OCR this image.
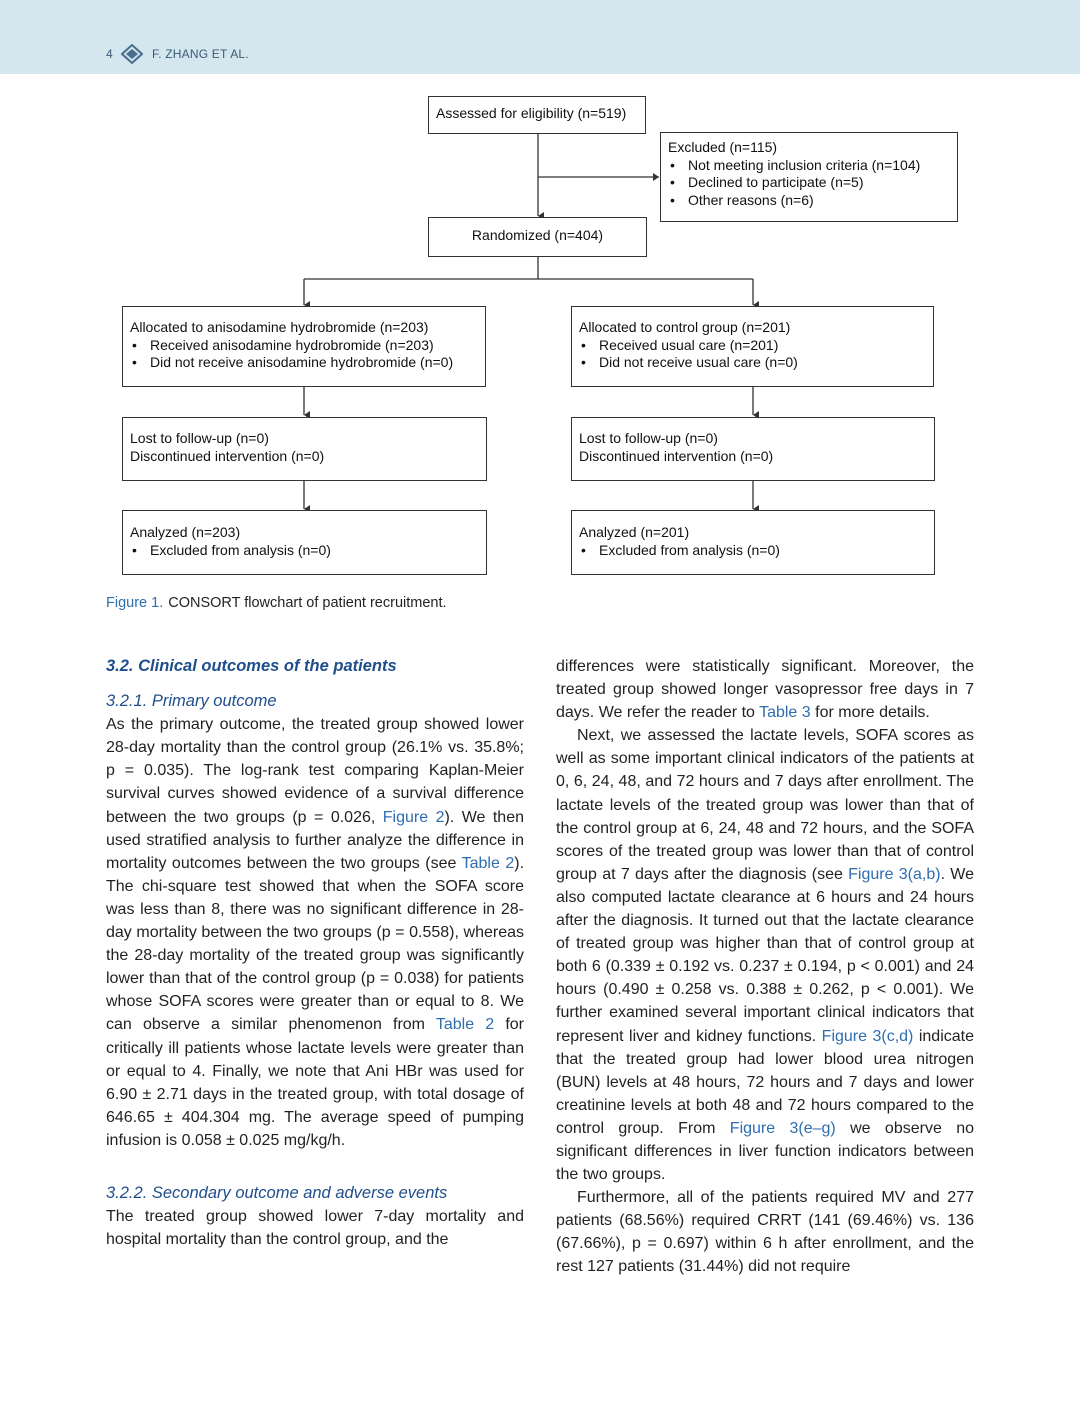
4	F. ZHANG ET AL.
Assessed for eligibility (n=519)
Excluded (n=115)
• Not meeting inclusion criteria (n=104)
• Declined to participate (n=5)
• Other reasons (n=6)
Randomized (n=404)
Allocated to anisodamine hydrobromide (n=203)
• Received anisodamine hydrobromide (n=203)
• Did not receive anisodamine hydrobromide (n=0)
Allocated to control group (n=201)
• Received usual care (n=201)
• Did not receive usual care (n=0)
Lost to follow-up (n=0)
Discontinued intervention (n=0)
Lost to follow-up (n=0)
Discontinued intervention (n=0)
Analyzed (n=203)
• Excluded from analysis (n=0)
Analyzed (n=201)
• Excluded from analysis (n=0)
Figure 1. CONSORT flowchart of patient recruitment.

3.2. Clinical outcomes of the patients

3.2.1. Primary outcome

As the primary outcome, the treated group showed lower 28-day mortality than the control group (26.1% vs. 35.8%; p = 0.035). The log-rank test comparing Kaplan-Meier survival curves showed evidence of a survival difference between the two groups (p = 0.026, Figure 2). We then used stratified analysis to further analyze the difference in mortality outcomes between the two groups (see Table 2). The chi-square test showed that when the SOFA score was less than 8, there was no significant difference in 28-day mortality between the two groups (p = 0.558), whereas the 28-day mortality of the treated group was significantly lower than that of the control group (p = 0.038) for patients whose SOFA scores were greater than or equal to 8. We can observe a similar phenomenon from Table 2 for critically ill patients whose lactate levels were greater than or equal to 4. Finally, we note that Ani HBr was used for 6.90 ± 2.71 days in the treated group, with total dosage of 646.65 ± 404.304 mg. The average speed of pumping infusion is 0.058 ± 0.025 mg/kg/h.

3.2.2. Secondary outcome and adverse events

The treated group showed lower 7-day mortality and hospital mortality than the control group, and the

differences were statistically significant. Moreover, the treated group showed longer vasopressor free days in 7 days. We refer the reader to Table 3 for more details.

Next, we assessed the lactate levels, SOFA scores as well as some important clinical indicators of the patients at 0, 6, 24, 48, and 72 hours and 7 days after enrollment. The lactate levels of the treated group was lower than that of the control group at 6, 24, 48 and 72 hours, and the SOFA scores of the treated group was lower than that of control group at 7 days after the diagnosis (see Figure 3(a,b). We also computed lactate clearance at 6 hours and 24 hours after the diagnosis. It turned out that the lactate clearance of treated group was higher than that of control group at both 6 (0.339 ± 0.192 vs. 0.237 ± 0.194, p < 0.001) and 24 hours (0.490 ± 0.258 vs. 0.388 ± 0.262, p < 0.001). We further examined several important clinical indicators that represent liver and kidney functions. Figure 3(c,d) indicate that the treated group had lower blood urea nitrogen (BUN) levels at 48 hours, 72 hours and 7 days and lower creatinine levels at both 48 and 72 hours compared to the control group. From Figure 3(e–g) we observe no significant differences in liver function indicators between the two groups.

Furthermore, all of the patients required MV and 277 patients (68.56%) required CRRT (141 (69.46%) vs. 136 (67.66%), p = 0.697) within 6 h after enrollment, and the rest 127 patients (31.44%) did not require
